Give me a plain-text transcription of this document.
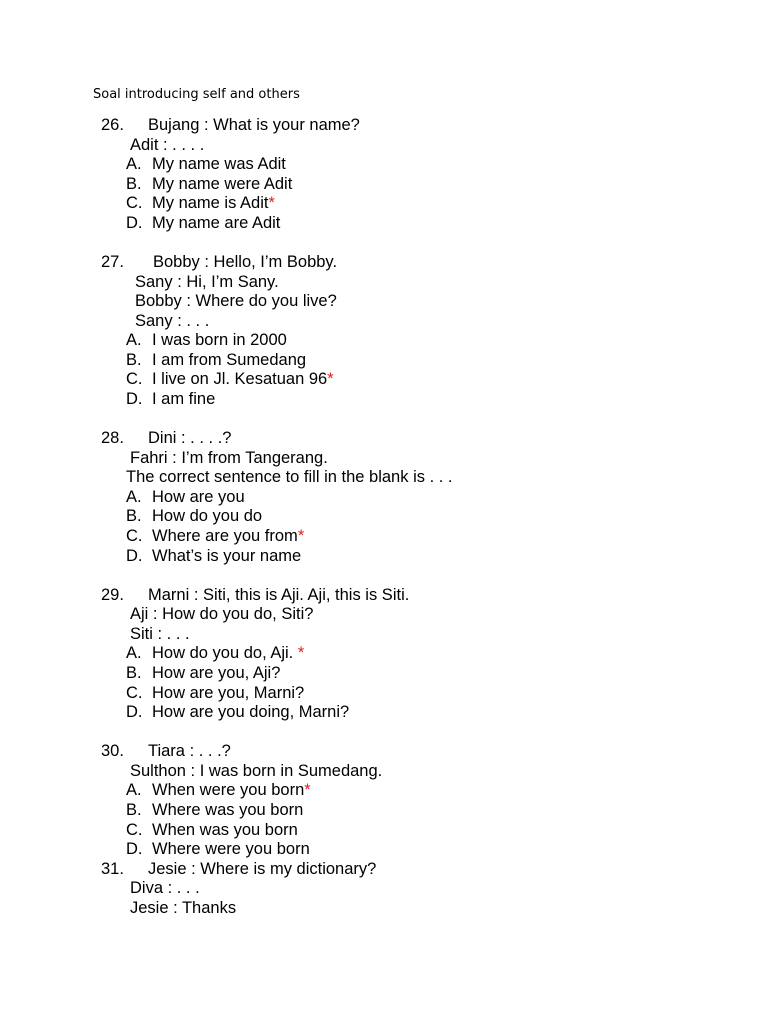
Soal introducing self and others
26. Bujang : What is your name?
Adit : . . . .
A. My name was Adit
B. My name were Adit
C. My name is Adit*
D. My name are Adit
27. Bobby : Hello, I’m Bobby.
Sany : Hi, I’m Sany.
Bobby : Where do you live?
Sany : . . .
A. I was born in 2000
B. I am from Sumedang
C. I live on Jl. Kesatuan 96*
D. I am fine
28. Dini : . . . .?
Fahri : I’m from Tangerang.
The correct sentence to fill in the blank is . . .
A. How are you
B. How do you do
C. Where are you from*
D. What’s is your name
29. Marni : Siti, this is Aji. Aji, this is Siti.
Aji : How do you do, Siti?
Siti : . . .
A. How do you do, Aji. *
B. How are you, Aji?
C. How are you, Marni?
D. How are you doing, Marni?
30. Tiara : . . .?
Sulthon : I was born in Sumedang.
A. When were you born*
B. Where was you born
C. When was you born
D. Where were you born
31. Jesie : Where is my dictionary?
Diva : . . .
Jesie : Thanks
